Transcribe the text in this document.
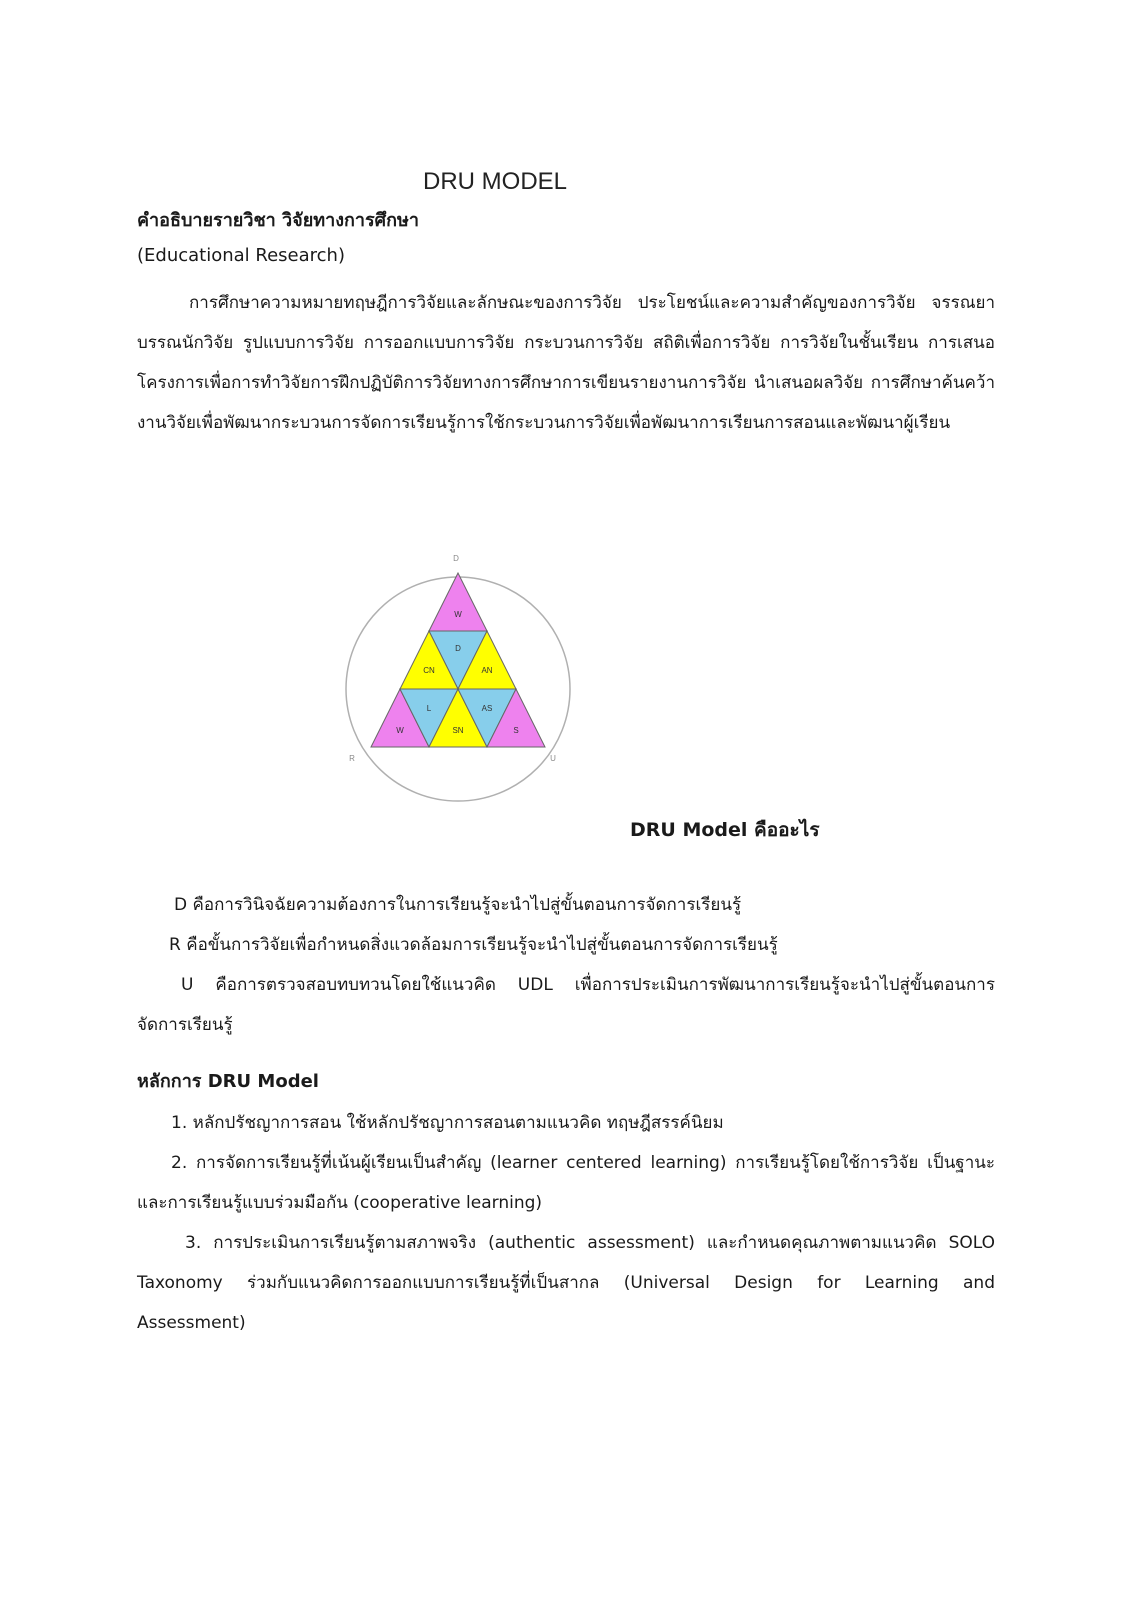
DRU MODEL
คำอธิบายรายวิชา วิจัยทางการศึกษา
(Educational Research)

การศึกษาความหมายทฤษฎีการวิจัยและลักษณะของการวิจัย ประโยชน์และความสำคัญของการวิจัย จรรณยาบรรณนักวิจัย รูปแบบการวิจัย การออกแบบการวิจัย กระบวนการวิจัย สถิติเพื่อการวิจัย การวิจัยในชั้นเรียน การเสนอโครงการเพื่อการทำวิจัยการฝึกปฏิบัติการวิจัยทางการศึกษาการเขียนรายงานการวิจัย นำเสนอผลวิจัย การศึกษาค้นคว้างานวิจัยเพื่อพัฒนากระบวนการจัดการเรียนรู้การใช้กระบวนการวิจัยเพื่อพัฒนาการเรียนการสอนและพัฒนาผู้เรียน

W
D
CN	AN
L	AS
W	SN	S
D
R	U
DRU Model คืออะไร

D คือการวินิจฉัยความต้องการในการเรียนรู้จะนำไปสู่ขั้นตอนการจัดการเรียนรู้

R คือขั้นการวิจัยเพื่อกำหนดสิ่งแวดล้อมการเรียนรู้จะนำไปสู่ขั้นตอนการจัดการเรียนรู้

U คือการตรวจสอบทบทวนโดยใช้แนวคิด UDL เพื่อการประเมินการพัฒนาการเรียนรู้จะนำไปสู่ขั้นตอนการจัดการเรียนรู้

หลักการ DRU Model

1. หลักปรัชญาการสอน ใช้หลักปรัชญาการสอนตามแนวคิด ทฤษฎีสรรค์นิยม

2. การจัดการเรียนรู้ที่เน้นผู้เรียนเป็นสำคัญ (learner centered learning) การเรียนรู้โดยใช้การวิจัย เป็นฐานะ และการเรียนรู้แบบร่วมมือกัน (cooperative learning)

3. การประเมินการเรียนรู้ตามสภาพจริง (authentic assessment) และกำหนดคุณภาพตามแนวคิด SOLO Taxonomy ร่วมกับแนวคิดการออกแบบการเรียนรู้ที่เป็นสากล (Universal Design for Learning and Assessment)
